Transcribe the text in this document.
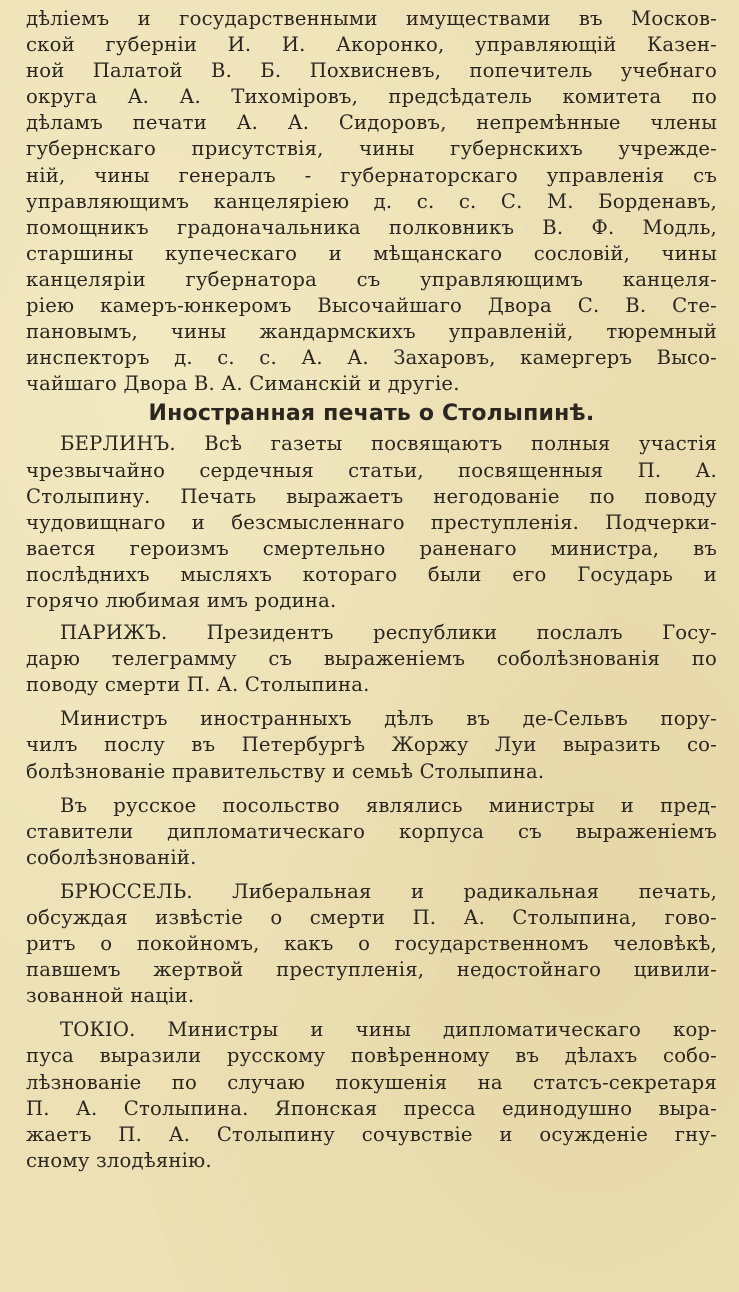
дѣліемъ и государственными имуществами въ Москов-
ской губерніи И. И. Акоронко, управляющій Казен-
ной Палатой В. Б. Похвисневъ, попечитель учебнаго
округа А. А. Тихоміровъ, предсѣдатель комитета по
дѣламъ печати А. А. Сидоровъ, непремѣнные члены
губернскаго присутствія, чины губернскихъ учрежде-
ній, чины генералъ - губернаторскаго управленія съ
управляющимъ канцеляріею д. с. с. С. М. Борденавъ,
помощникъ градоначальника полковникъ В. Ф. Модль,
старшины купеческаго и мѣщанскаго сословій, чины
канцеляріи губернатора съ управляющимъ канцеля-
ріею камеръ-юнкеромъ Высочайшаго Двора С. В. Сте-
пановымъ, чины жандармскихъ управленій, тюремный
инспекторъ д. с. с. А. А. Захаровъ, камергеръ Высо-
чайшаго Двора В. А. Симанскій и другіе.
Иностранная печать о Столыпинѣ.
БЕРЛИНЪ. Всѣ газеты посвящаютъ полныя участія
чрезвычайно сердечныя статьи, посвященныя П. А.
Столыпину. Печать выражаетъ негодованіе по поводу
чудовищнаго и безсмысленнаго преступленія. Подчерки-
вается героизмъ смертельно раненаго министра, въ
послѣднихъ мысляхъ котораго были его Государь и
горячо любимая имъ родина.
ПАРИЖЪ. Президентъ республики послалъ Госу-
дарю телеграмму съ выраженіемъ соболѣзнованія по
поводу смерти П. А. Столыпина.
Министръ иностранныхъ дѣлъ въ де-Сельвъ пору-
чилъ послу въ Петербургѣ Жоржу Луи выразить со-
болѣзнованіе правительству и семьѣ Столыпина.
Въ русское посольство являлись министры и пред-
ставители дипломатическаго корпуса съ выраженіемъ
соболѣзнованій.
БРЮССЕЛЬ. Либеральная и радикальная печать,
обсуждая извѣстіе о смерти П. А. Столыпина, гово-
ритъ о покойномъ, какъ о государственномъ человѣкѣ,
павшемъ жертвой преступленія, недостойнаго цивили-
зованной націи.
ТОКІО. Министры и чины дипломатическаго кор-
пуса выразили русскому повѣренному въ дѣлахъ собо-
лѣзнованіе по случаю покушенія на статсъ-секретаря
П. А. Столыпина. Японская пресса единодушно выра-
жаетъ П. А. Столыпину сочувствіе и осужденіе гну-
сному злодѣянію.
